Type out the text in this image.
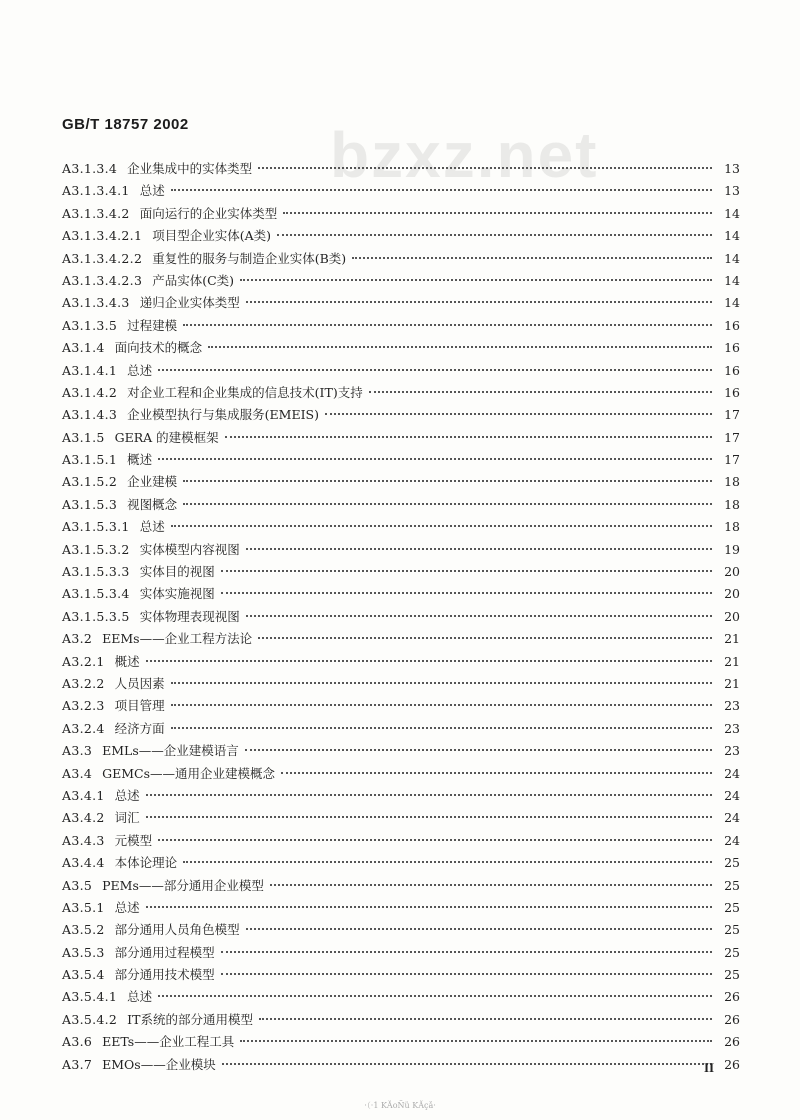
GB/T 18757 2002 bzxz.net
A3.1.3.4 企业集成中的实体类型	13
A3.1.3.4.1 总述	13
A3.1.3.4.2 面向运行的企业实体类型	14
A3.1.3.4.2.1 项目型企业实体(A类)	14
A3.1.3.4.2.2 重复性的服务与制造企业实体(B类)	14
A3.1.3.4.2.3 产品实体(C类)	14
A3.1.3.4.3 递归企业实体类型	14
A3.1.3.5 过程建模	16
A3.1.4 面向技术的概念	16
A3.1.4.1 总述	16
A3.1.4.2 对企业工程和企业集成的信息技术(IT)支持	16
A3.1.4.3 企业模型执行与集成服务(EMEIS)	17
A3.1.5 GERA 的建模框架	17
A3.1.5.1 概述	17
A3.1.5.2 企业建模	18
A3.1.5.3 视图概念	18
A3.1.5.3.1 总述	18
A3.1.5.3.2 实体模型内容视图	19
A3.1.5.3.3 实体目的视图	20
A3.1.5.3.4 实体实施视图	20
A3.1.5.3.5 实体物理表现视图	20
A3.2 EEMs——企业工程方法论	21
A3.2.1 概述	21
A3.2.2 人员因素	21
A3.2.3 项目管理	23
A3.2.4 经济方面	23
A3.3 EMLs——企业建模语言	23
A3.4 GEMCs——通用企业建模概念	24
A3.4.1 总述	24
A3.4.2 词汇	24
A3.4.3 元模型	24
A3.4.4 本体论理论	25
A3.5 PEMs——部分通用企业模型	25
A3.5.1 总述	25
A3.5.2 部分通用人员角色模型	25
A3.5.3 部分通用过程模型	25
A3.5.4 部分通用技术模型	25
A3.5.4.1 总述	26
A3.5.4.2 IT系统的部分通用模型	26
A3.6 EETs——企业工程工具	26
A3.7 EMOs——企业模块	26
II
·（·1 KĂoÑü KĂçǎ·
